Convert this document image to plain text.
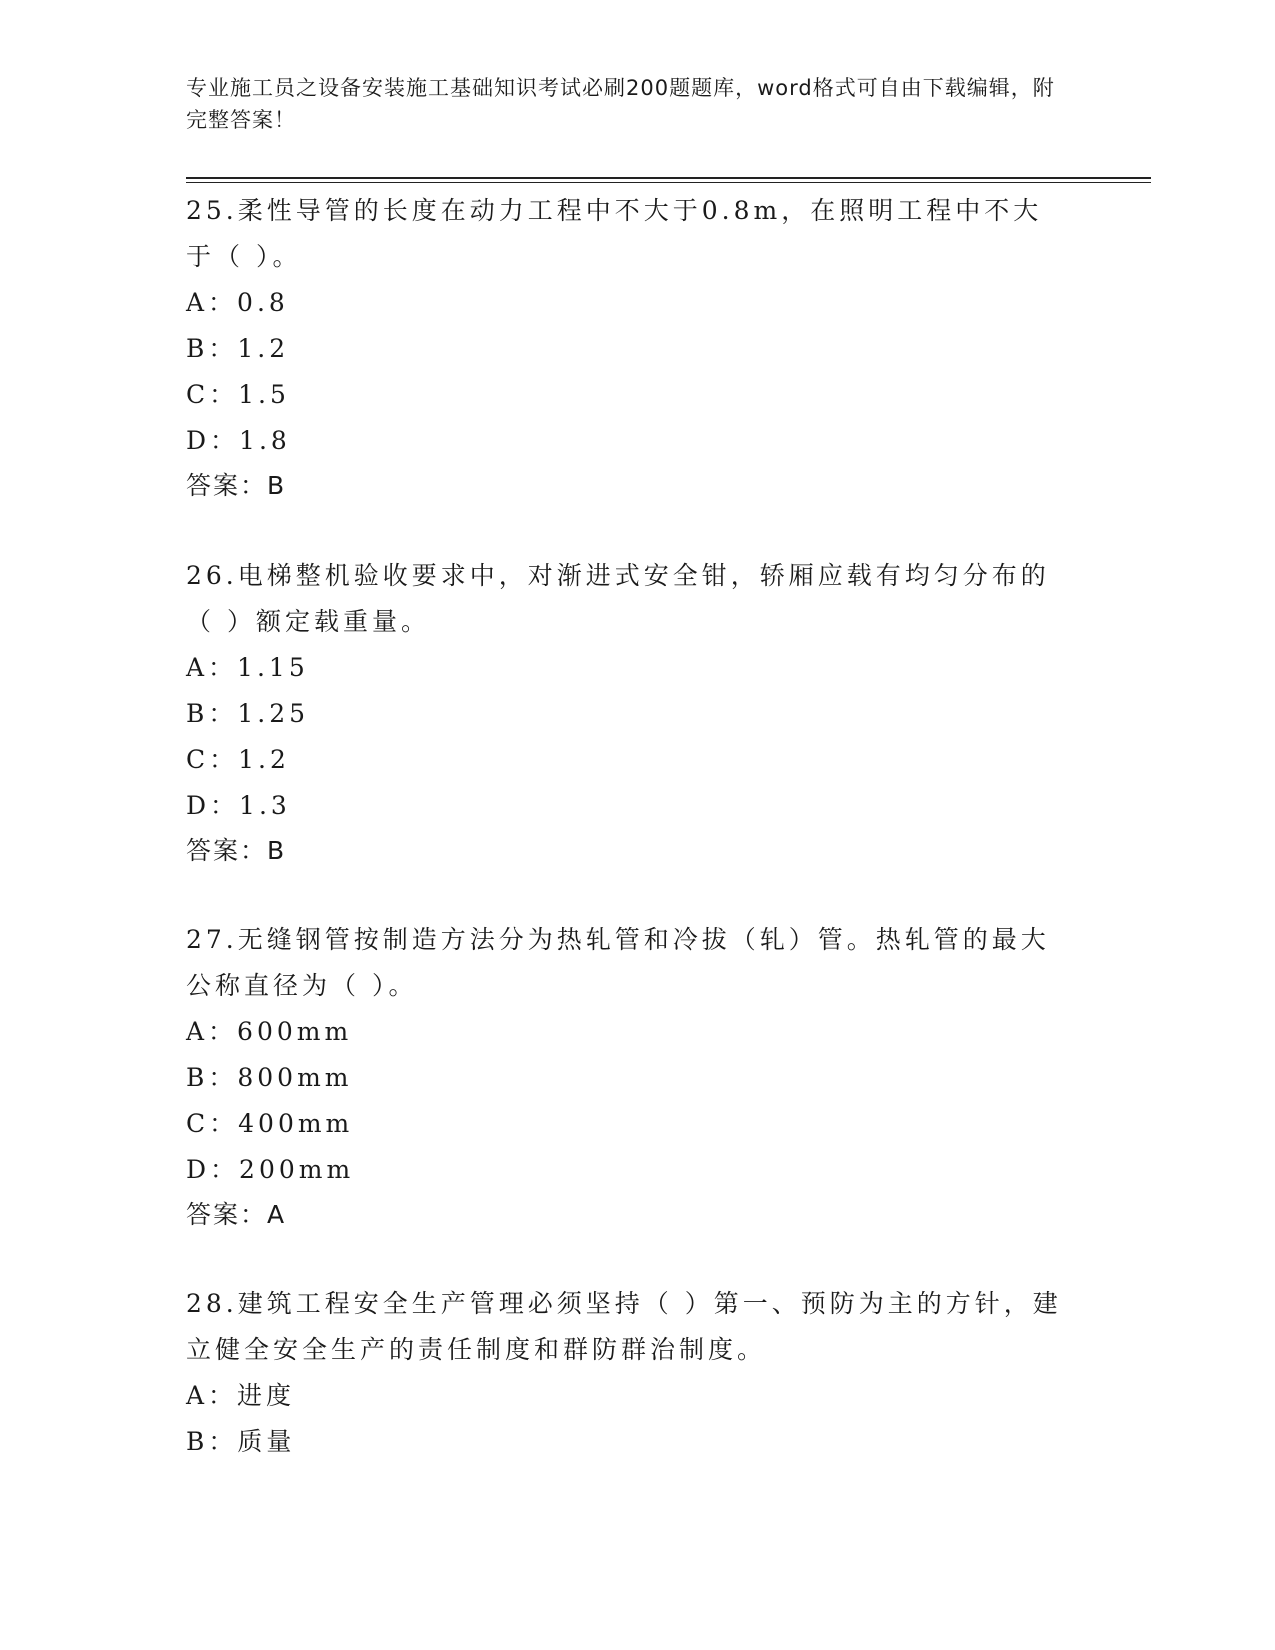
专业施工员之设备安装施工基础知识考试必刷200题题库，word格式可自由下载编辑，附完整答案！

25.柔性导管的长度在动力工程中不大于0.8m，在照明工程中不大于（ ）。

A：0.8

B：1.2

C：1.5

D：1.8

答案：B

26.电梯整机验收要求中，对渐进式安全钳，轿厢应载有均匀分布的（ ）额定载重量。

A：1.15

B：1.25

C：1.2

D：1.3

答案：B

27.无缝钢管按制造方法分为热轧管和冷拔（轧）管。热轧管的最大公称直径为（ ）。

A：600mm

B：800mm

C：400mm

D：200mm

答案：A

28.建筑工程安全生产管理必须坚持（ ）第一、预防为主的方针，建立健全安全生产的责任制度和群防群治制度。

A：进度

B：质量
